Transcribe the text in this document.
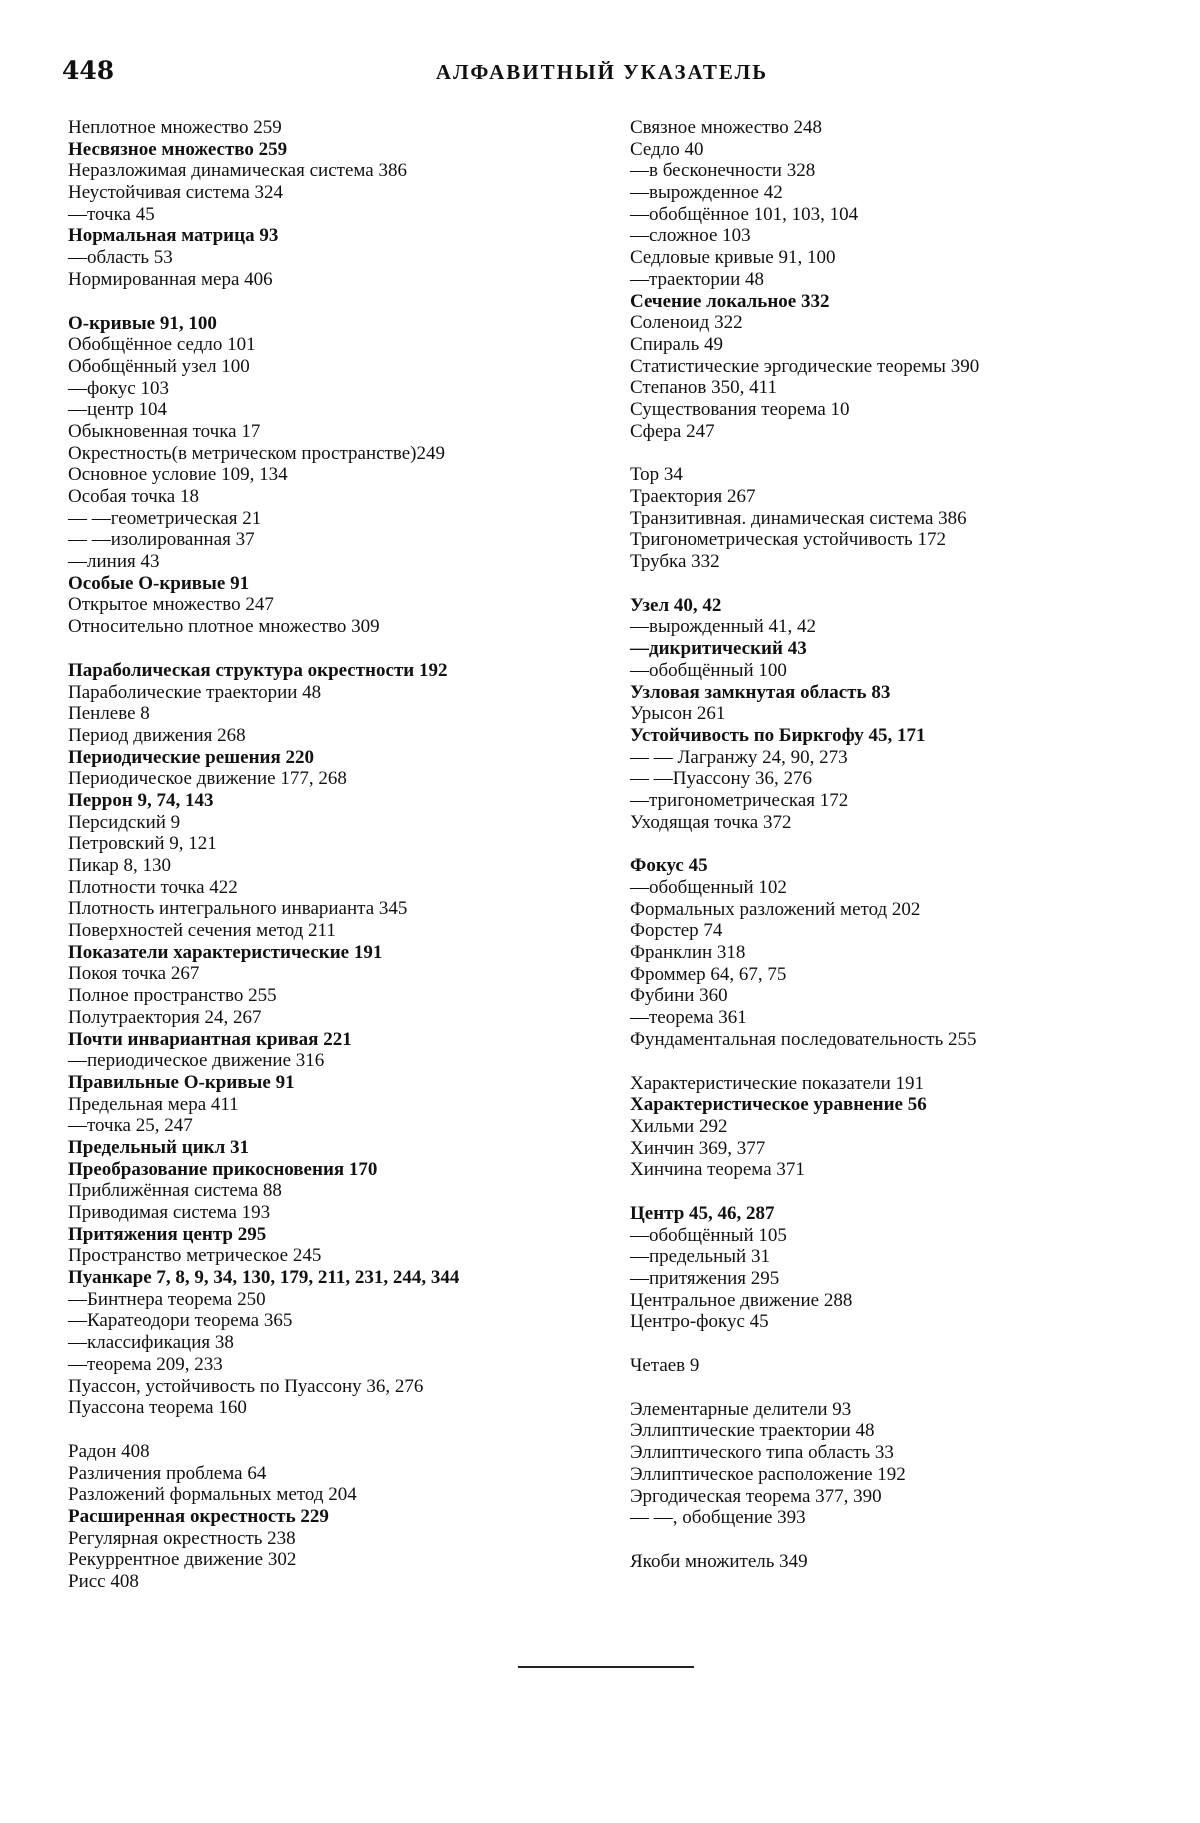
448	АЛФАВИТНЫЙ УКАЗАТЕЛЬ
Неплотное множество 259
Несвязное множество 259
Неразложимая динамическая система 386
Неустойчивая система 324
—точка 45
Нормальная матрица 93
—область 53
Нормированная мера 406
О-кривые 91, 100
Обобщённое седло 101
Обобщённый узел 100
—фокус 103
—центр 104
Обыкновенная точка 17
Окрестность(в метрическом пространстве)249
Основное условие 109, 134
Особая точка 18
— —геометрическая 21
— —изолированная 37
—линия 43
Особые О-кривые 91
Открытое множество 247
Относительно плотное множество 309
Параболическая структура окрестности 192
Параболические траектории 48
Пенлеве 8
Период движения 268
Периодические решения 220
Периодическое движение 177, 268
Перрон 9, 74, 143
Персидский 9
Петровский 9, 121
Пикар 8, 130
Плотности точка 422
Плотность интегрального инварианта 345
Поверхностей сечения метод 211
Показатели характеристические 191
Покоя точка 267
Полное пространство 255
Полутраектория 24, 267
Почти инвариантная кривая 221
—периодическое движение 316
Правильные О-кривые 91
Предельная мера 411
—точка 25, 247
Предельный цикл 31
Преобразование прикосновения 170
Приближённая система 88
Приводимая система 193
Притяжения центр 295
Пространство метрическое 245
Пуанкаре 7, 8, 9, 34, 130, 179, 211, 231, 244, 344
—Бинтнера теорема 250
—Каратеодори теорема 365
—классификация 38
—теорема 209, 233
Пуассон, устойчивость по Пуассону 36, 276
Пуассона теорема 160
Радон 408
Различения проблема 64
Разложений формальных метод 204
Расширенная окрестность 229
Регулярная окрестность 238
Рекуррентное движение 302
Рисс 408
Связное множество 248
Седло 40
—в бесконечности 328
—вырожденное 42
—обобщённое 101, 103, 104
—сложное 103
Седловые кривые 91, 100
—траектории 48
Сечение локальное 332
Соленоид 322
Спираль 49
Статистические эргодические теоремы 390
Степанов 350, 411
Существования теорема 10
Сфера 247
Тор 34
Траектория 267
Транзитивная. динамическая система 386
Тригонометрическая устойчивость 172
Трубка 332
Узел 40, 42
—вырожденный 41, 42
—дикритический 43
—обобщённый 100
Узловая замкнутая область 83
Урысон 261
Устойчивость по Биркгофу 45, 171
— — Лагранжу 24, 90, 273
— —Пуассону 36, 276
—тригонометрическая 172
Уходящая точка 372
Фокус 45
—обобщенный 102
Формальных разложений метод 202
Форстер 74
Франклин 318
Фроммер 64, 67, 75
Фубини 360
—теорема 361
Фундаментальная последовательность 255
Характеристические показатели 191
Характеристическое уравнение 56
Хильми 292
Хинчин 369, 377
Хинчина теорема 371
Центр 45, 46, 287
—обобщённый 105
—предельный 31
—притяжения 295
Центральное движение 288
Центро-фокус 45
Четаев 9
Элементарные делители 93
Эллиптические траектории 48
Эллиптического типа область 33
Эллиптическое расположение 192
Эргодическая теорема 377, 390
— —, обобщение 393
Якоби множитель 349
